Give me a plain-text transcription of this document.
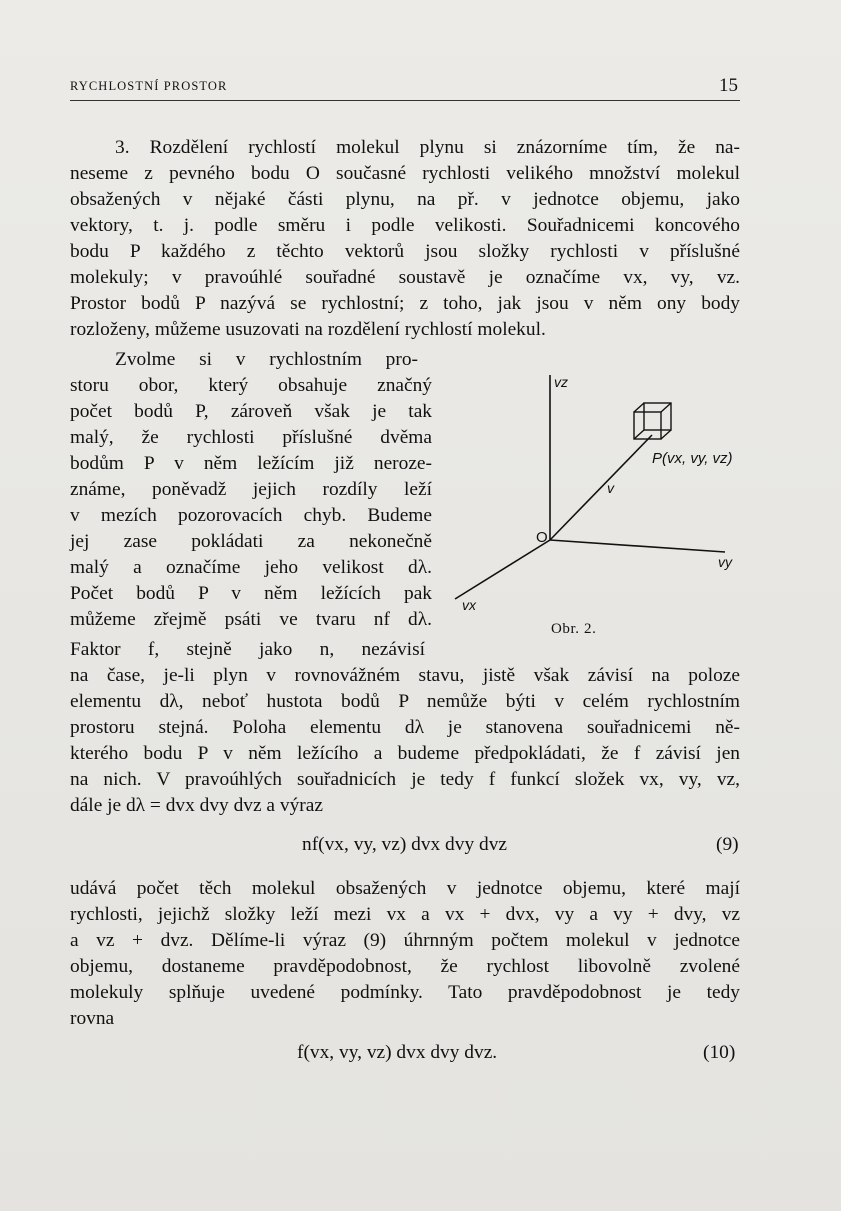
RYCHLOSTNÍ PROSTOR	15
3. Rozdělení rychlostí molekul plynu si znázorníme tím, že na-
neseme z pevného bodu O současné rychlosti velikého množství molekul
obsažených v nějaké části plynu, na př. v jednotce objemu, jako
vektory, t. j. podle směru i podle velikosti. Souřadnicemi koncového
bodu P každého z těchto vektorů jsou složky rychlosti v příslušné
molekuly; v pravoúhlé souřadné soustavě je označíme vx, vy, vz.
Prostor bodů P nazývá se rychlostní; z toho, jak jsou v něm ony body
rozloženy, můžeme usuzovati na rozdělení rychlostí molekul.
Zvolme si v rychlostním pro-
storu obor, který obsahuje značný
počet bodů P, zároveň však je tak
malý, že rychlosti příslušné dvěma
bodům P v něm ležícím již neroze-
známe, poněvadž jejich rozdíly leží
v mezích pozorovacích chyb. Budeme
jej zase pokládati za nekonečně
malý a označíme jeho velikost dλ.
Počet bodů P v něm ležících pak
můžeme zřejmě psáti ve tvaru nf dλ.
Faktor f, stejně jako n, nezávisí
na čase, je-li plyn v rovnovážném stavu, jistě však závisí na poloze
elementu dλ, neboť hustota bodů P nemůže býti v celém rychlostním
prostoru stejná. Poloha elementu dλ je stanovena souřadnicemi ně-
kterého bodu P v něm ležícího a budeme předpokládati, že f závisí jen
na nich. V pravoúhlých souřadnicích je tedy f funkcí složek vx, vy, vz,
dále je dλ = dvx dvy dvz a výraz
nf(vx, vy, vz) dvx dvy dvz	(9)
udává počet těch molekul obsažených v jednotce objemu, které mají
rychlosti, jejichž složky leží mezi vx a vx + dvx, vy a vy + dvy, vz
a vz + dvz. Dělíme-li výraz (9) úhrnným počtem molekul v jednotce
objemu, dostaneme pravděpodobnost, že rychlost libovolně zvolené
molekuly splňuje uvedené podmínky. Tato pravděpodobnost je tedy
rovna
f(vx, vy, vz) dvx dvy dvz.	(10)
vz
vy
vx
O
v
P(vx, vy, vz)
Obr. 2.
